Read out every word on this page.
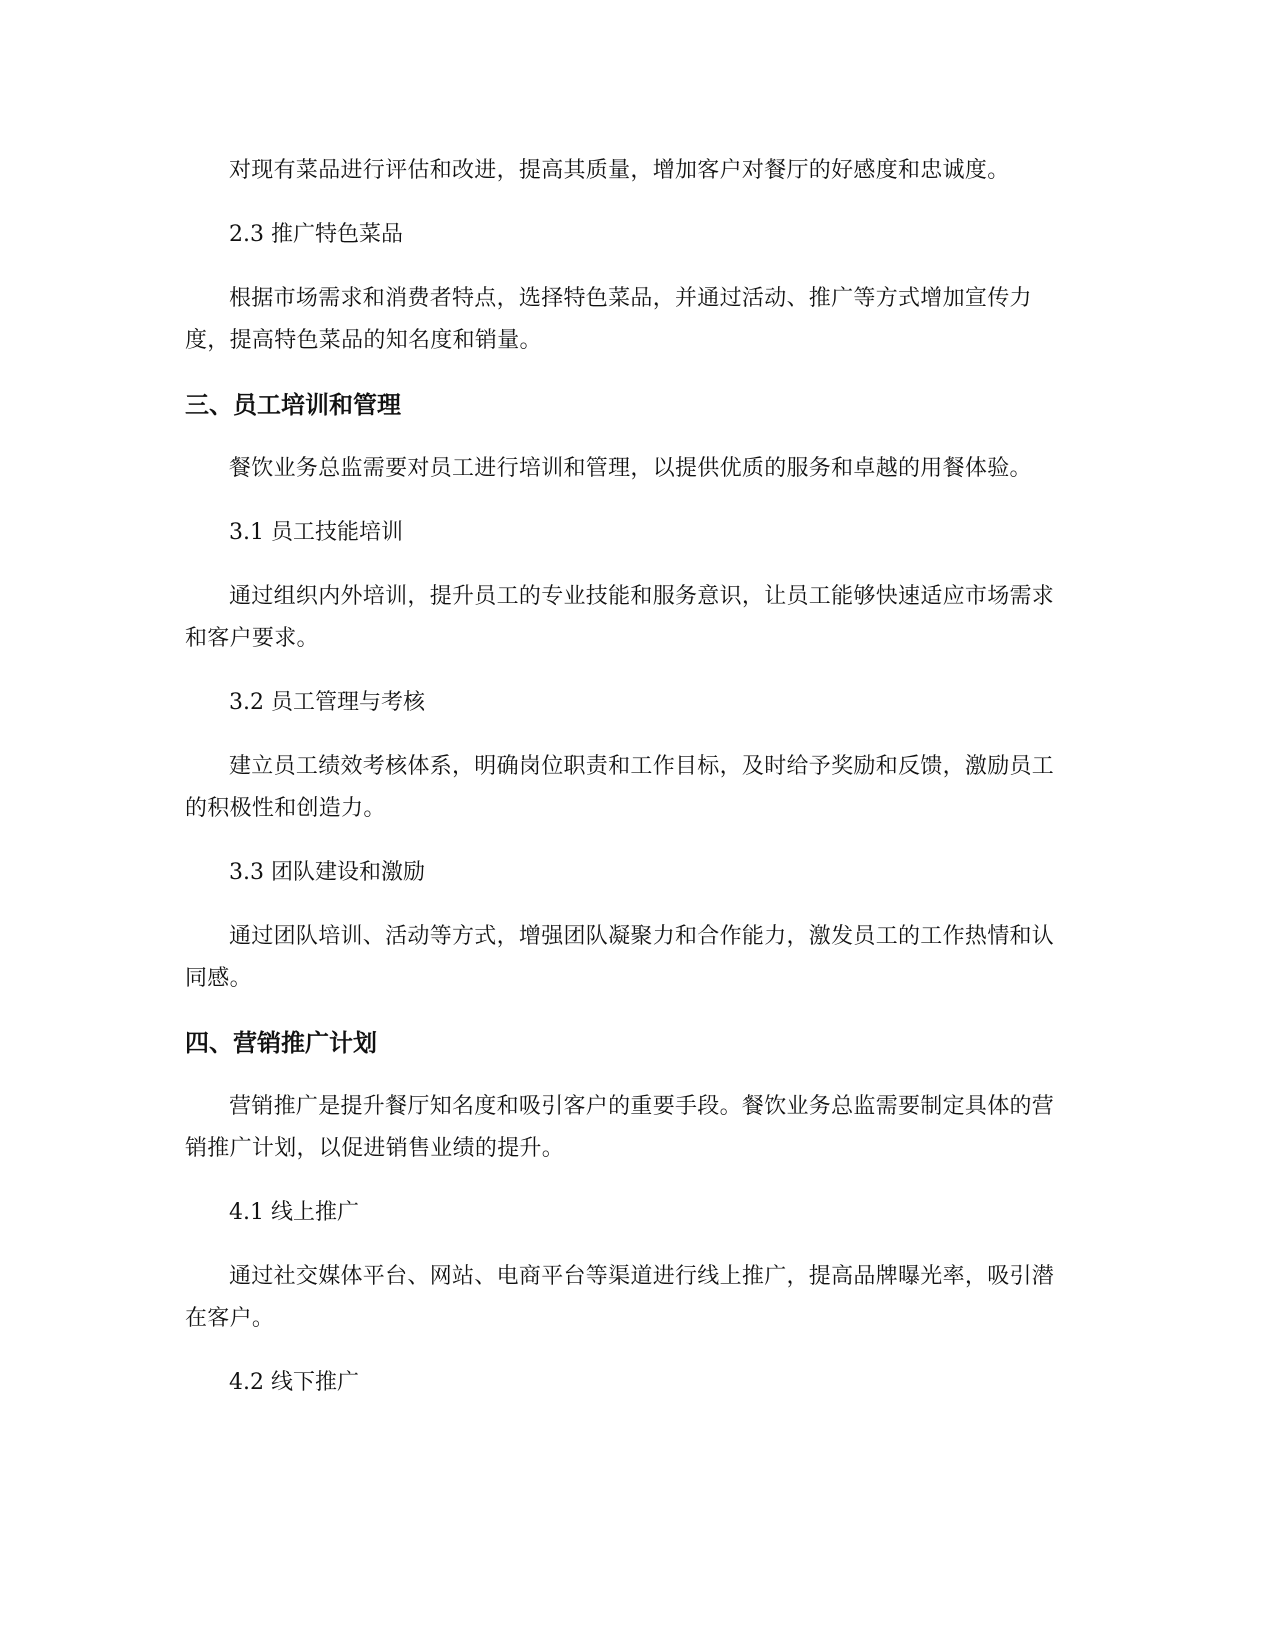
对现有菜品进行评估和改进，提高其质量，增加客户对餐厅的好感度和忠诚度。

2.3 推广特色菜品

根据市场需求和消费者特点，选择特色菜品，并通过活动、推广等方式增加宣传力度，提高特色菜品的知名度和销量。

三、员工培训和管理

餐饮业务总监需要对员工进行培训和管理，以提供优质的服务和卓越的用餐体验。

3.1 员工技能培训

通过组织内外培训，提升员工的专业技能和服务意识，让员工能够快速适应市场需求和客户要求。

3.2 员工管理与考核

建立员工绩效考核体系，明确岗位职责和工作目标，及时给予奖励和反馈，激励员工的积极性和创造力。

3.3 团队建设和激励

通过团队培训、活动等方式，增强团队凝聚力和合作能力，激发员工的工作热情和认同感。

四、营销推广计划

营销推广是提升餐厅知名度和吸引客户的重要手段。餐饮业务总监需要制定具体的营销推广计划，以促进销售业绩的提升。

4.1 线上推广

通过社交媒体平台、网站、电商平台等渠道进行线上推广，提高品牌曝光率，吸引潜在客户。

4.2 线下推广
